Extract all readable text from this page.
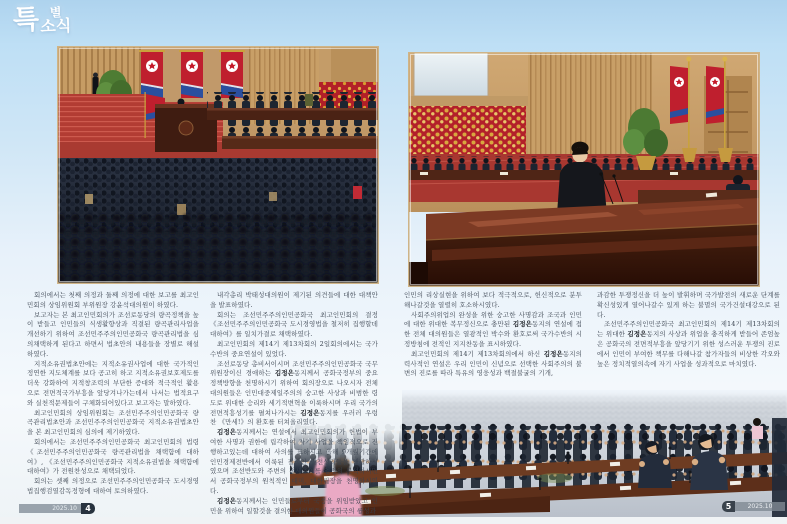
특 별
소식

회의에서는 첫째 의정과 둘째 의정에 대한 보고를 최고인민회의 상임위원회 부위원장 강윤석대의원이 하였다.

보고자는 본 최고인민회의가 조선로동당의 량곡정책을 높이 받들고 인민들의 식생활향상과 직결된 량곡관리사업을 개선하기 위하여 조선민주주의인민공화국 량곡관리법을 심의채택하게 된다고 하면서 법초안의 내용들을 장별로 해설하였다.

지적소유권법초안에는 지적소유권사업에 대한 국가적인 정연한 지도체계를 보다 공고히 하고 지적소유권보호제도를 더욱 강화하여 지적창조력의 부단한 증대와 적극적인 활용으로 전면적국가부흥을 앞당겨나가는데서 나서는 법적요구와 실천적문제들이 구체화되어있다고 보고자는 말하였다.

최고인민회의 상임위원회는 조선민주주의인민공화국 량곡관리법초안과 조선민주주의인민공화국 지적소유권법초안을 본 최고인민회의 심의에 제기하였다.

회의에서는 조선민주주의인민공화국 최고인민회의 법령 《조선민주주의인민공화국 량곡관리법을 채택함에 대하여》, 《조선민주주의인민공화국 지적소유권법을 채택함에 대하여》가 전원찬성으로 채택되었다.

회의는 셋째 의정으로 조선민주주의인민공화국 도시경영법집행검열감독정형에 대하여 토의하였다.

내각총리 박태성대의원이 제기된 의견들에 대한 대책안을 발표하였다.

회의는 조선민주주의인민공화국 최고인민회의 결정 《조선민주주의인민공화국 도시경영법을 철저히 집행할데 대하여》를 일치가결로 채택하였다.

최고인민회의 제14기 제13차회의 2일회의에서는 국가수반의 중요연설이 있었다.

조선로동당 총비서이시며 조선민주주의인민공화국 국무위원장이신 경애하는 김정은동지께서 공화국정부의 중요정책방향을 천명하시기 위하여 회의장으로 나오시자 전체 대의원들은 인민대중제일주의의 숭고한 사상과 비범한 령도로 위대한 승리와 세기적변혁을 이룩하시며 우리 국가의 전면적흥성기를 펼쳐나가시는 김정은동지를 우러러 우렁찬 《만세!》의 환호를 터쳐올리였다.

김정은동지께서는 연설에서 최고인민회의가 헌법이 부여한 사명과 권한에 립각하여 자기 사업을 책임적으로 진행하고있는데 대하여 사의를 표하시고 올해 9개월기간에 인민경제전반에서 이룩된 질적인 발전성과들을 개괄하시였으며 조선반도와 주변의 정세추이를 엄정히 분석하시면서 공화국정부의 원칙적인 대미, 대한립장을 천명하시였다.

김정은동지께서는 인민들로부터 국정을 위임받았고 인민을 위하여 일할것을 결의한 대의원들이 공화국의 륭성과

인민의 리상실현을 위하여 보다 적극적으로, 헌신적으로 분투해나갈것을 열렬히 호소하시였다.

사회주의위업의 완성을 위한 숭고한 사명감과 조국과 인민에 대한 위대한 복무정신으로 충만된 김정은동지의 연설에 접한 전체 대의원들은 열광적인 박수와 환호로써 국가수반의 시정방침에 전적인 지지찬동을 표시하였다.

최고인민회의 제14기 제13차회의에서 하신 김정은동지의 력사적인 연설은 우리 인민이 신념으로 선택한 사회주의의 불변의 진로를 따라 특유의 영웅성과 백절불굴의 기개,

과감한 투쟁정신을 더 높이 발휘하며 국가발전의 새로운 단계를 확신성있게 열어나갈수 있게 하는 불멸의 국가건설대강으로 된다.

조선민주주의인민공화국 최고인민회의 제14기 제13차회의는 위대한 김정은동지의 사상과 위업을 충직하게 받들어 존엄높은 공화국의 전면적부흥을 앞당기기 위한 성스러운 투쟁의 진로에서 인민이 부여한 책무를 다해나갈 참가자들의 비상한 각오와 높은 정치적열의속에 자기 사업을 성과적으로 마치였다.

2025.10	4	5	2025.10
